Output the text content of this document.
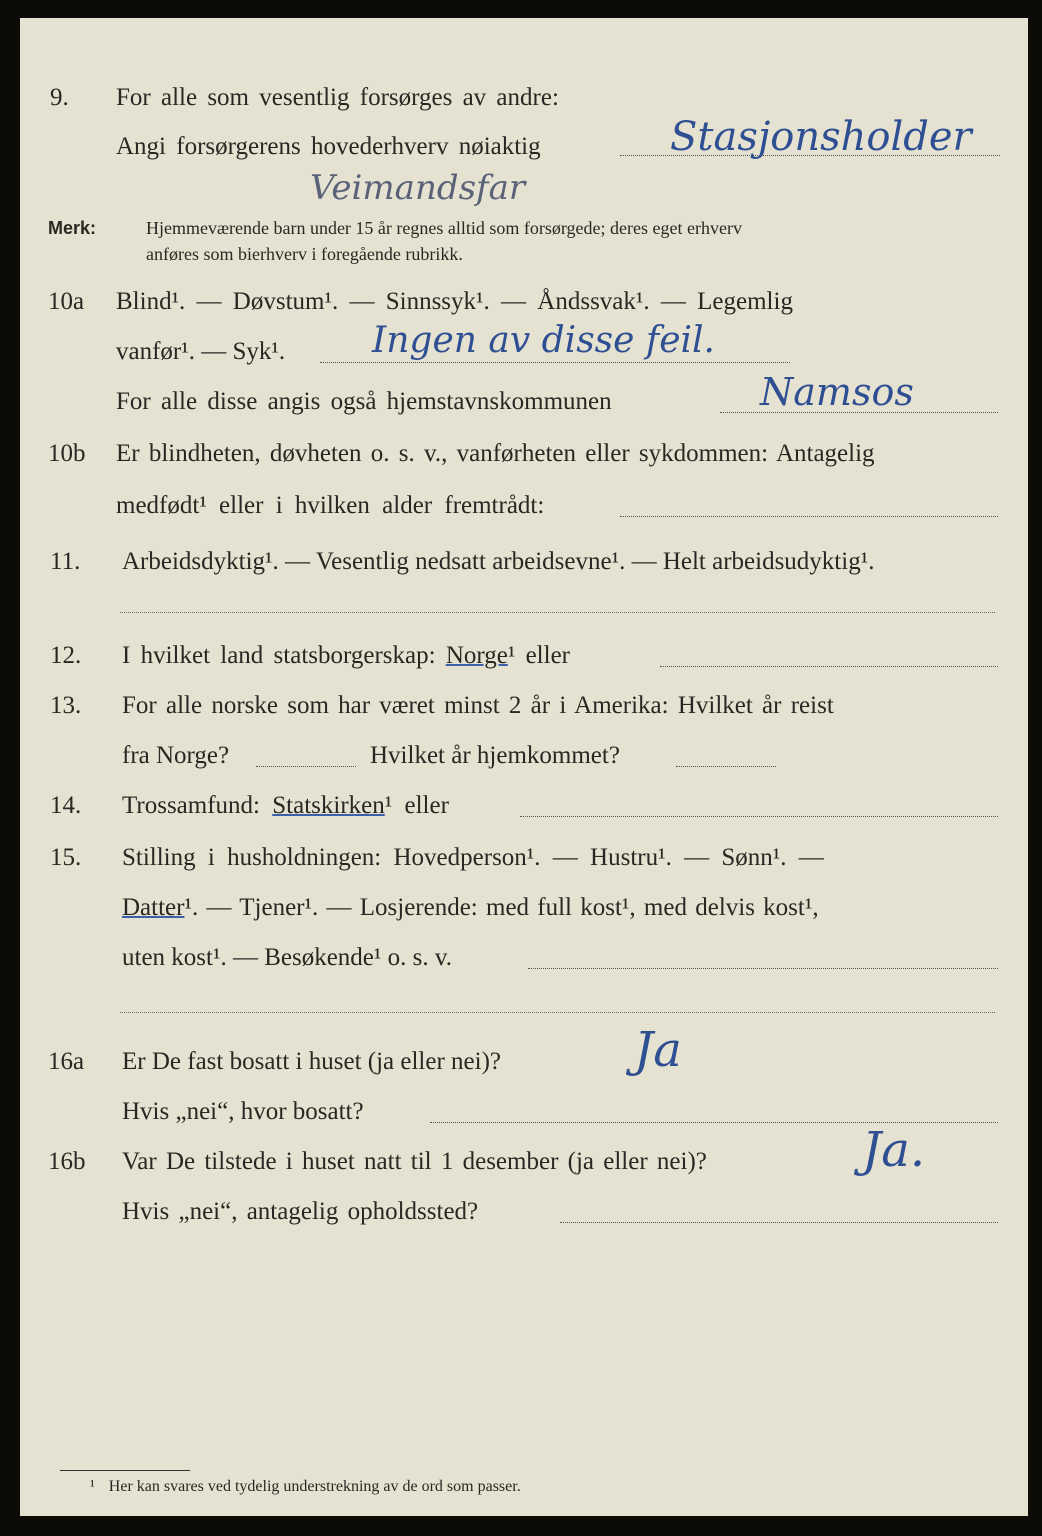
9. For alle som vesentlig forsørges av andre:
Angi forsørgerens hovederhverv nøiaktig	Stasjonsholder
Veimandsfar
Merk:	Hjemmeværende barn under 15 år regnes alltid som forsørgede; deres eget erhverv
anføres som bierhverv i foregående rubrikk.
10a Blind¹. — Døvstum¹. — Sinnssyk¹. — Åndssvak¹. — Legemlig
vanfør¹. — Syk¹. Ingen av disse feil.
For alle disse angis også hjemstavnskommunen	Namsos
10b Er blindheten, døvheten o. s. v., vanførheten eller sykdommen: Antagelig
medfødt¹ eller i hvilken alder fremtrådt:
11. Arbeidsdyktig¹. — Vesentlig nedsatt arbeidsevne¹. — Helt arbeidsudyktig¹.
12. I hvilket land statsborgerskap: Norge¹ eller
13. For alle norske som har været minst 2 år i Amerika: Hvilket år reist
fra Norge?	Hvilket år hjemkommet?
14. Trossamfund: Statskirken¹ eller
15. Stilling i husholdningen: Hovedperson¹. — Hustru¹. — Sønn¹. —
Datter¹. — Tjener¹. — Losjerende: med full kost¹, med delvis kost¹,
uten kost¹. — Besøkende¹ o. s. v.
16a Er De fast bosatt i huset (ja eller nei)?	Ja
Hvis „nei“, hvor bosatt?
16b Var De tilstede i huset natt til 1 desember (ja eller nei)?	Ja.
Hvis „nei“, antagelig opholdssted?
¹ Her kan svares ved tydelig understrekning av de ord som passer.
